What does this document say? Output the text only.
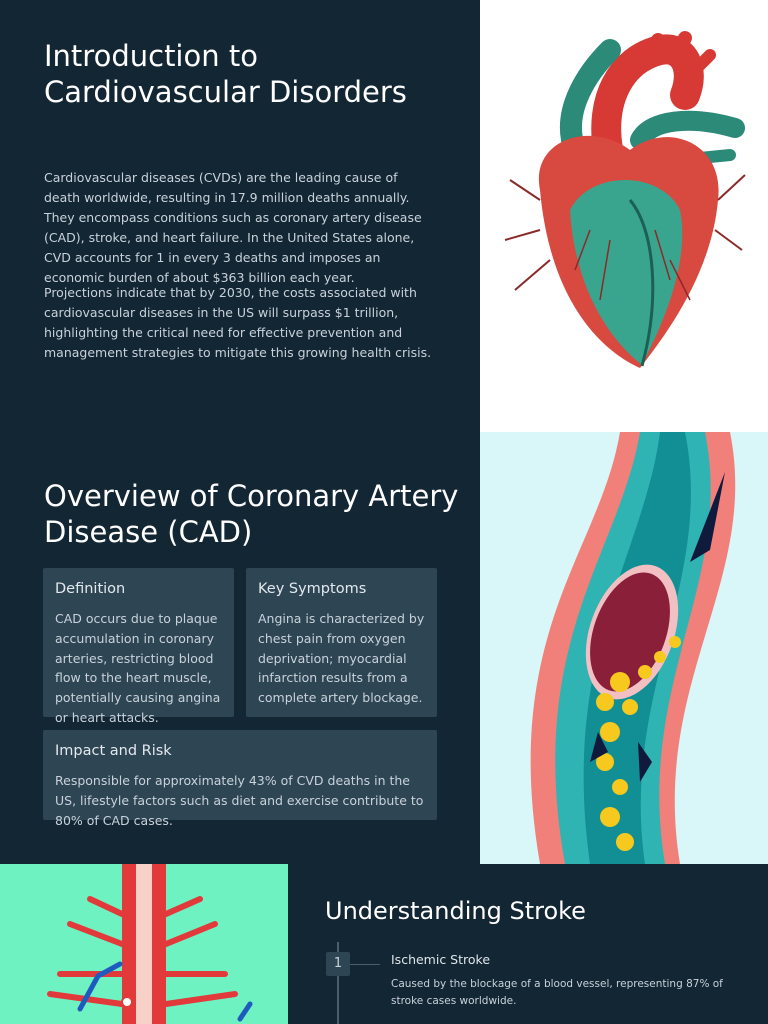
Introduction to Cardiovascular Disorders

Cardiovascular diseases (CVDs) are the leading cause of death worldwide, resulting in 17.9 million deaths annually. They encompass conditions such as coronary artery disease (CAD), stroke, and heart failure. In the United States alone, CVD accounts for 1 in every 3 deaths and imposes an economic burden of about $363 billion each year.

Projections indicate that by 2030, the costs associated with cardiovascular diseases in the US will surpass $1 trillion, highlighting the critical need for effective prevention and management strategies to mitigate this growing health crisis.

Overview of Coronary Artery Disease (CAD)
Definition
CAD occurs due to plaque accumulation in coronary arteries, restricting blood flow to the heart muscle, potentially causing angina or heart attacks.
Key Symptoms
Angina is characterized by chest pain from oxygen deprivation; myocardial infarction results from a complete artery blockage.
Impact and Risk
Responsible for approximately 43% of CVD deaths in the US, lifestyle factors such as diet and exercise contribute to 80% of CAD cases.
Understanding Stroke
1	Ischemic Stroke
Caused by the blockage of a blood vessel, representing 87% of stroke cases worldwide.
